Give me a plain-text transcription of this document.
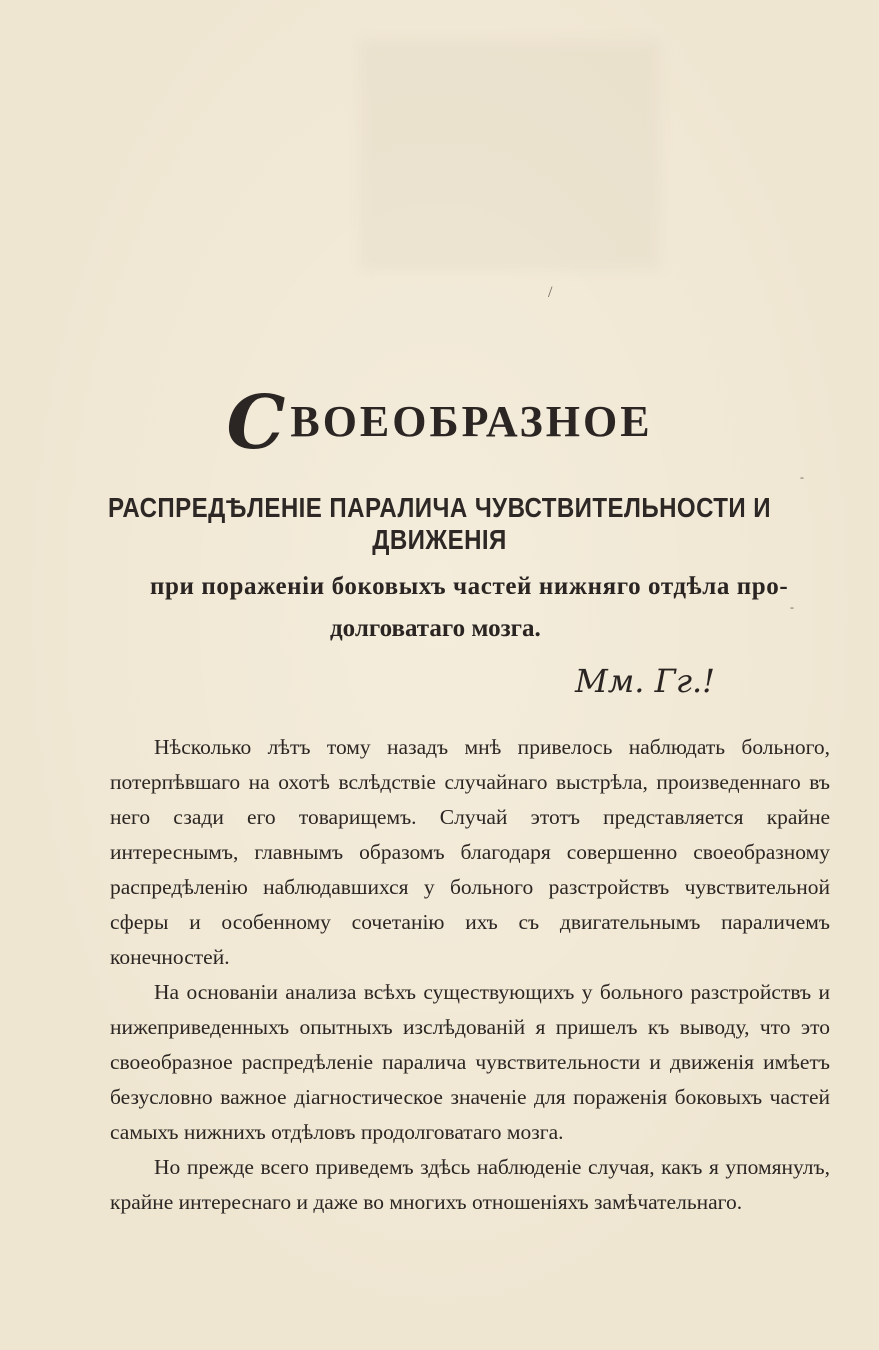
/
-
-
СВОЕОБРАЗНОЕ
РАСПРЕДѢЛЕНІЕ ПАРАЛИЧА ЧУВСТВИТЕЛЬНОСТИ И ДВИЖЕНІЯ
при пораженіи боковыхъ частей нижняго отдѣла про-
долговатаго мозга.
Мм. Гг.!

Нѣсколько лѣтъ тому назадъ мнѣ привелось наблюдать больного, потерпѣвшаго на охотѣ вслѣдствіе случайнаго выстрѣла, произведеннаго въ него сзади его товарищемъ. Случай этотъ представляется крайне интереснымъ, главнымъ образомъ благодаря совершенно своеобразному распредѣленію наблюдавшихся у больного разстройствъ чувствительной сферы и особенному сочетанію ихъ съ двигательнымъ параличемъ конечностей.

На основаніи анализа всѣхъ существующихъ у больного разстройствъ и нижеприведенныхъ опытныхъ изслѣдованій я пришелъ къ выводу, что это своеобразное распредѣленіе паралича чувствительности и движенія имѣетъ безусловно важное діагностическое значеніе для пораженія боковыхъ частей самыхъ нижнихъ отдѣловъ продолговатаго мозга.

Но прежде всего приведемъ здѣсь наблюденіе случая, какъ я упомянулъ, крайне интереснаго и даже во многихъ отношеніяхъ замѣчательнаго.
